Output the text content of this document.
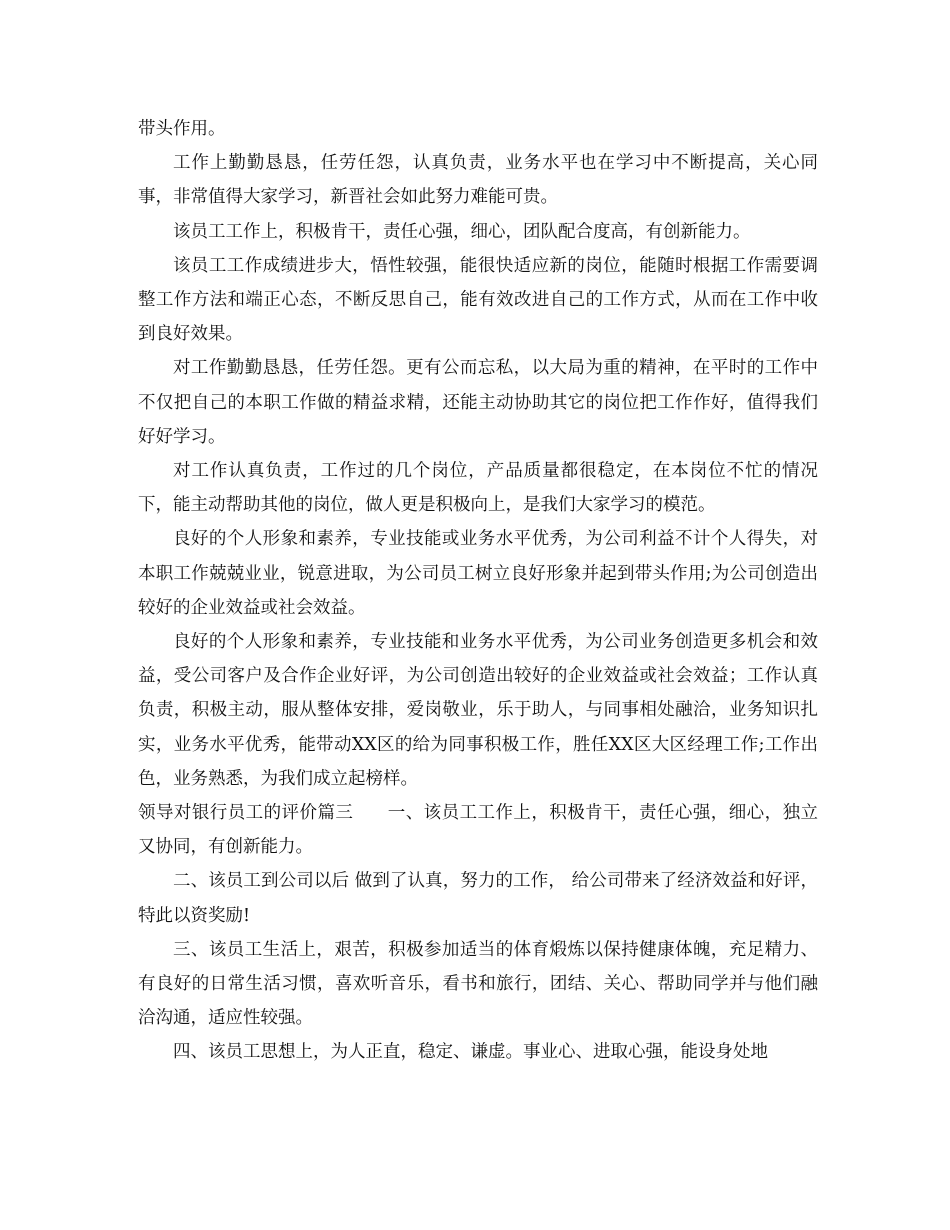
带头作用。

工作上勤勤恳恳，任劳任怨，认真负责，业务水平也在学习中不断提高，关心同事，非常值得大家学习，新晋社会如此努力难能可贵。

该员工工作上，积极肯干，责任心强，细心，团队配合度高，有创新能力。

该员工工作成绩进步大，悟性较强，能很快适应新的岗位，能随时根据工作需要调整工作方法和端正心态，不断反思自己，能有效改进自己的工作方式，从而在工作中收到良好效果。

对工作勤勤恳恳，任劳任怨。更有公而忘私，以大局为重的精神，在平时的工作中不仅把自己的本职工作做的精益求精，还能主动协助其它的岗位把工作作好，值得我们好好学习。

对工作认真负责，工作过的几个岗位，产品质量都很稳定，在本岗位不忙的情况下，能主动帮助其他的岗位，做人更是积极向上，是我们大家学习的模范。

良好的个人形象和素养，专业技能或业务水平优秀，为公司利益不计个人得失，对本职工作兢兢业业，锐意进取，为公司员工树立良好形象并起到带头作用;为公司创造出较好的企业效益或社会效益。

良好的个人形象和素养，专业技能和业务水平优秀，为公司业务创造更多机会和效益，受公司客户及合作企业好评，为公司创造出较好的企业效益或社会效益；工作认真负责，积极主动，服从整体安排，爱岗敬业，乐于助人，与同事相处融洽，业务知识扎实，业务水平优秀，能带动XX区的给为同事积极工作，胜任XX区大区经理工作;工作出色，业务熟悉，为我们成立起榜样。

领导对银行员工的评价篇三 一、该员工工作上，积极肯干，责任心强，细心，独立又协同，有创新能力。

二、该员工到公司以后 做到了认真，努力的工作， 给公司带来了经济效益和好评，特此以资奖励!

三、该员工生活上，艰苦，积极参加适当的体育煅炼以保持健康体魄，充足精力、有良好的日常生活习惯，喜欢听音乐，看书和旅行，团结、关心、帮助同学并与他们融洽沟通，适应性较强。

四、该员工思想上，为人正直，稳定、谦虚。事业心、进取心强，能设身处地
